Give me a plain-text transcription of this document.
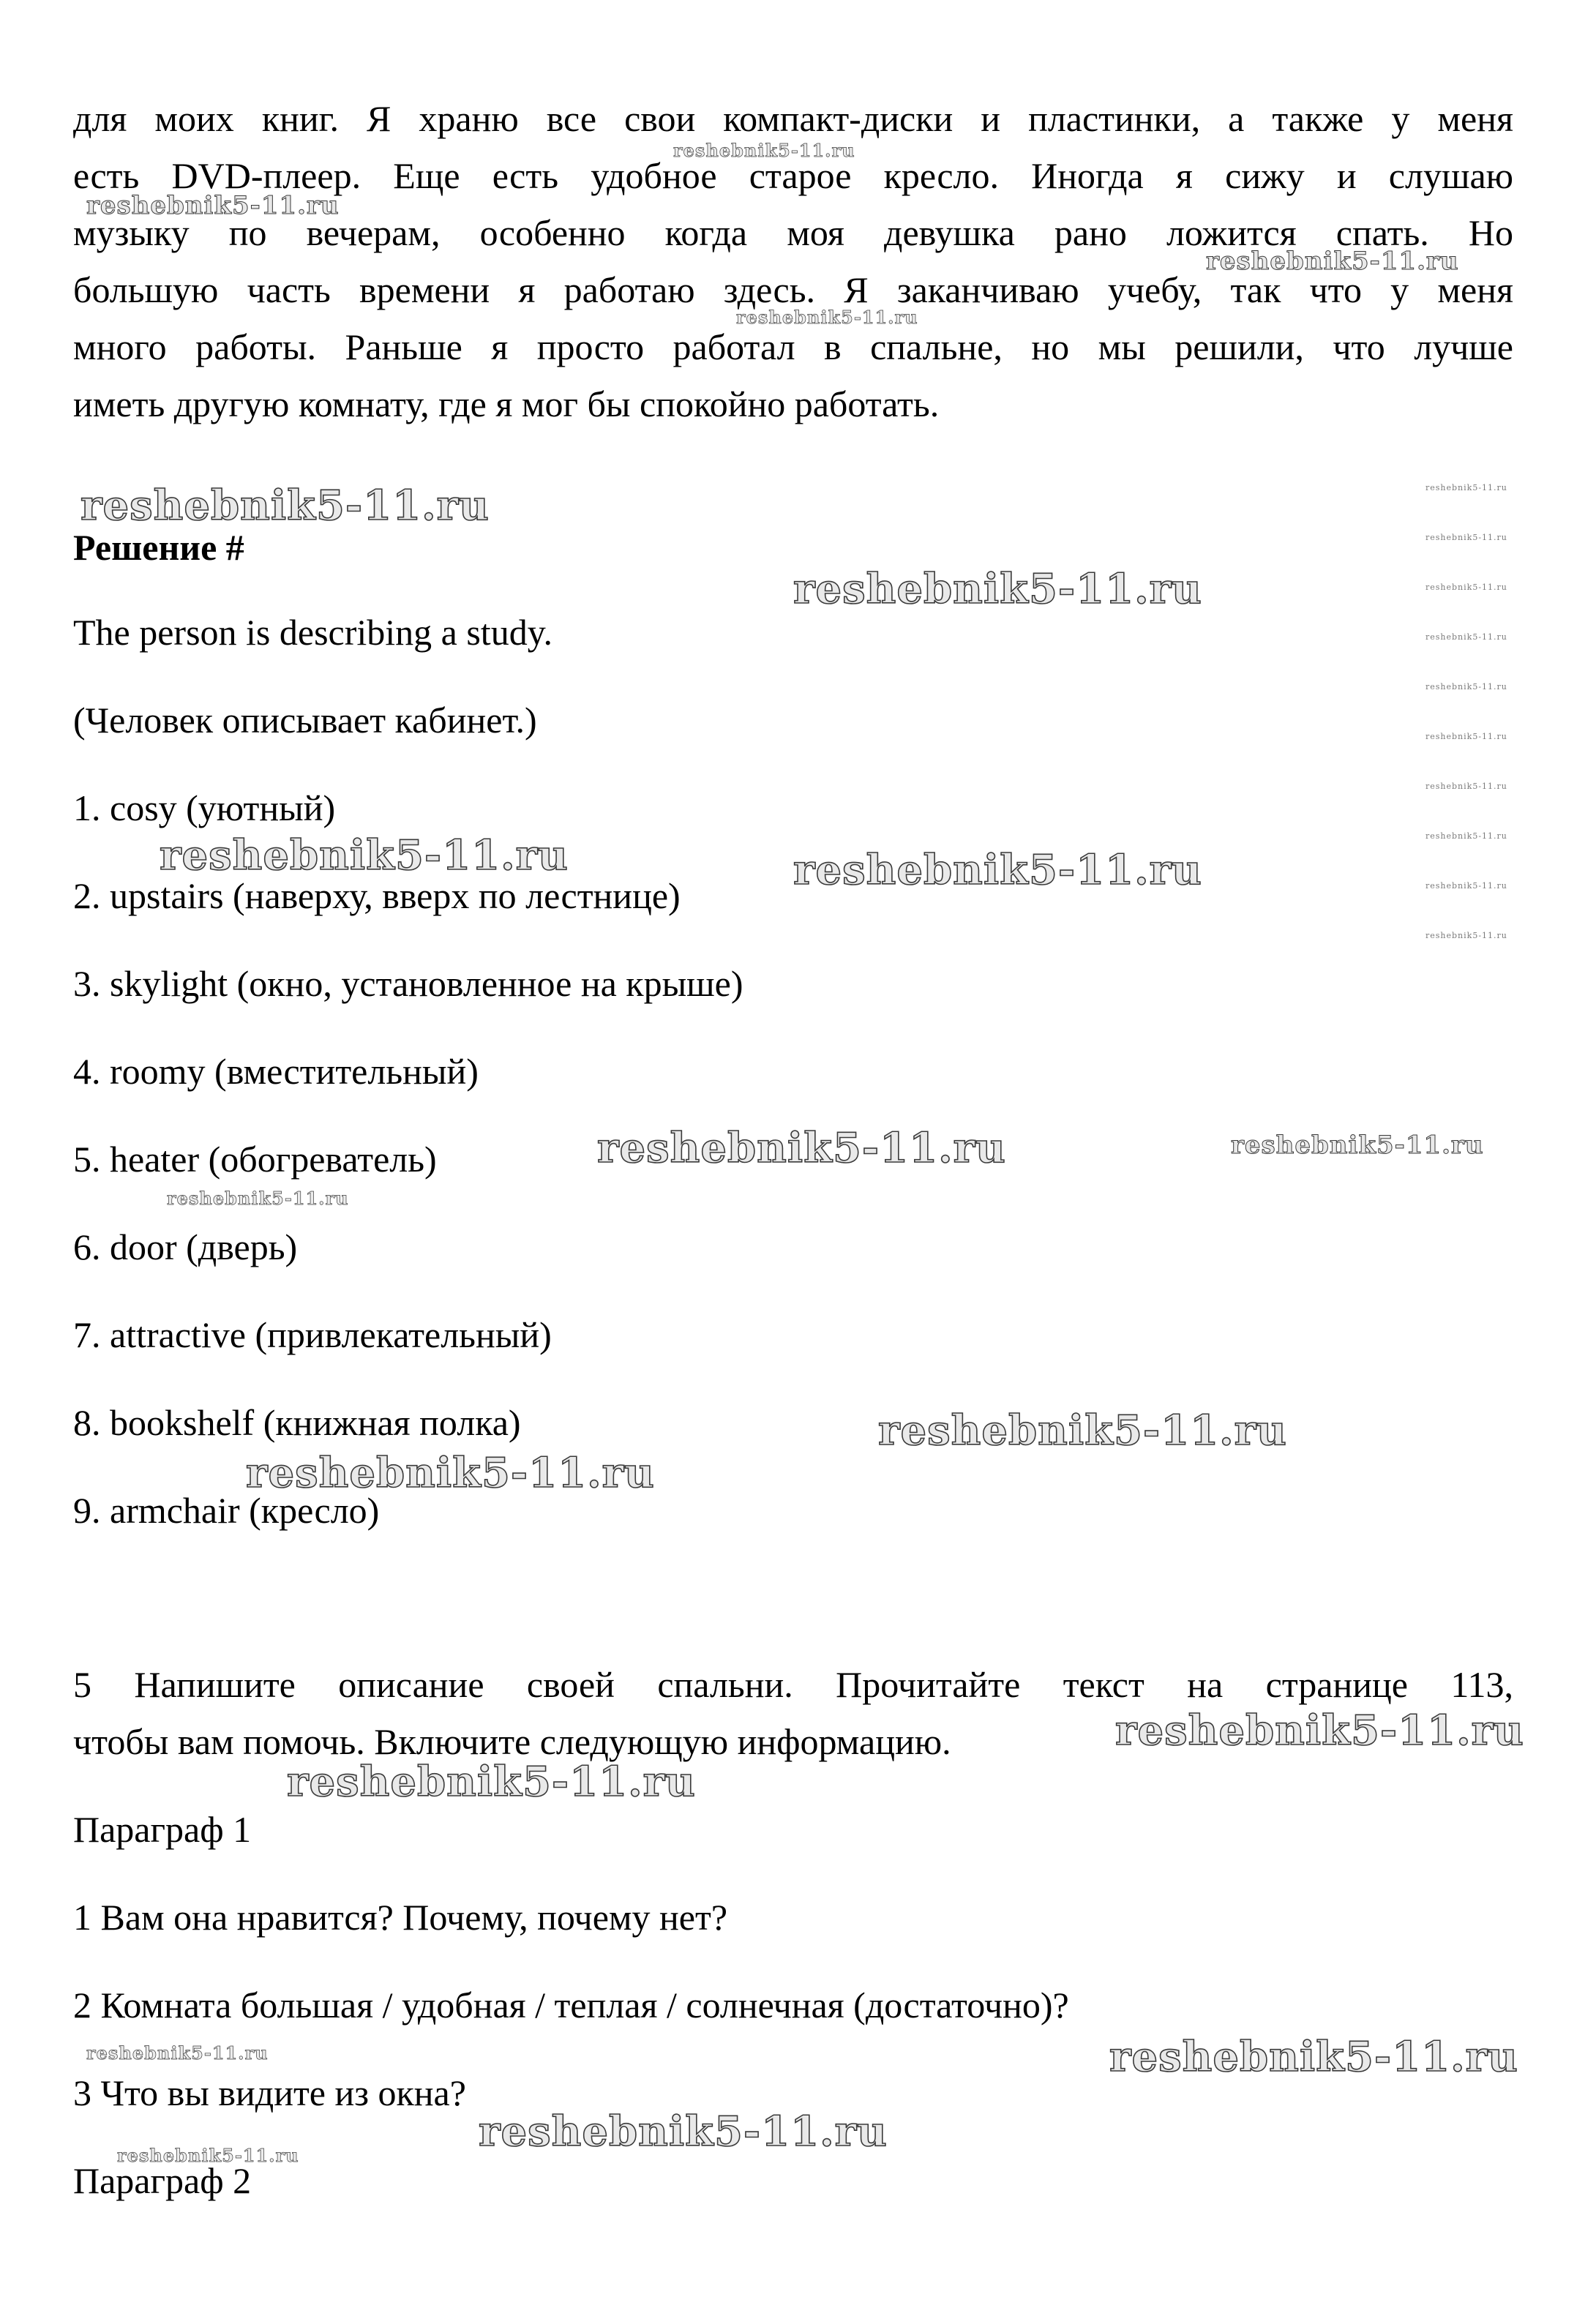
для моих книг. Я храню все свои компакт-диски и пластинки, а также у меня
есть DVD-плеер. Еще есть удобное старое кресло. Иногда я сижу и слушаю
музыку по вечерам, особенно когда моя девушка рано ложится спать. Но
большую часть времени я работаю здесь. Я заканчиваю учебу, так что у меня
много работы. Раньше я просто работал в спальне, но мы решили, что лучше
иметь другую комнату, где я мог бы спокойно работать.
Решение #
The person is describing a study.
(Человек описывает кабинет.)
1. cosy (уютный)
2. upstairs (наверху, вверх по лестнице)
3. skylight (окно, установленное на крыше)
4. roomy (вместительный)
5. heater (обогреватель)
6. door (дверь)
7. attractive (привлекательный)
8. bookshelf (книжная полка)
9. armchair (кресло)
5 Напишите описание своей спальни. Прочитайте текст на странице 113,
чтобы вам помочь. Включите следующую информацию.
Параграф 1
1 Вам она нравится? Почему, почему нет?
2 Комната большая / удобная / теплая / солнечная (достаточно)?
3 Что вы видите из окна?
Параграф 2
reshebnik5-11.ru
reshebnik5-11.ru
reshebnik5-11.ru
reshebnik5-11.ru
reshebnik5-11.ru
reshebnik5-11.ru
reshebnik5-11.ru	reshebnik5-11.ru
reshebnik5-11.ru	reshebnik5-11.ru
reshebnik5-11.ru
reshebnik5-11.ru
reshebnik5-11.ru
reshebnik5-11.ru
reshebnik5-11.ru
reshebnik5-11.ru	reshebnik5-11.ru
reshebnik5-11.ru
reshebnik5-11.ru
reshebnik5-11.ru
reshebnik5-11.ru
reshebnik5-11.ru
reshebnik5-11.ru
reshebnik5-11.ru
reshebnik5-11.ru
reshebnik5-11.ru
reshebnik5-11.ru
reshebnik5-11.ru
reshebnik5-11.ru
